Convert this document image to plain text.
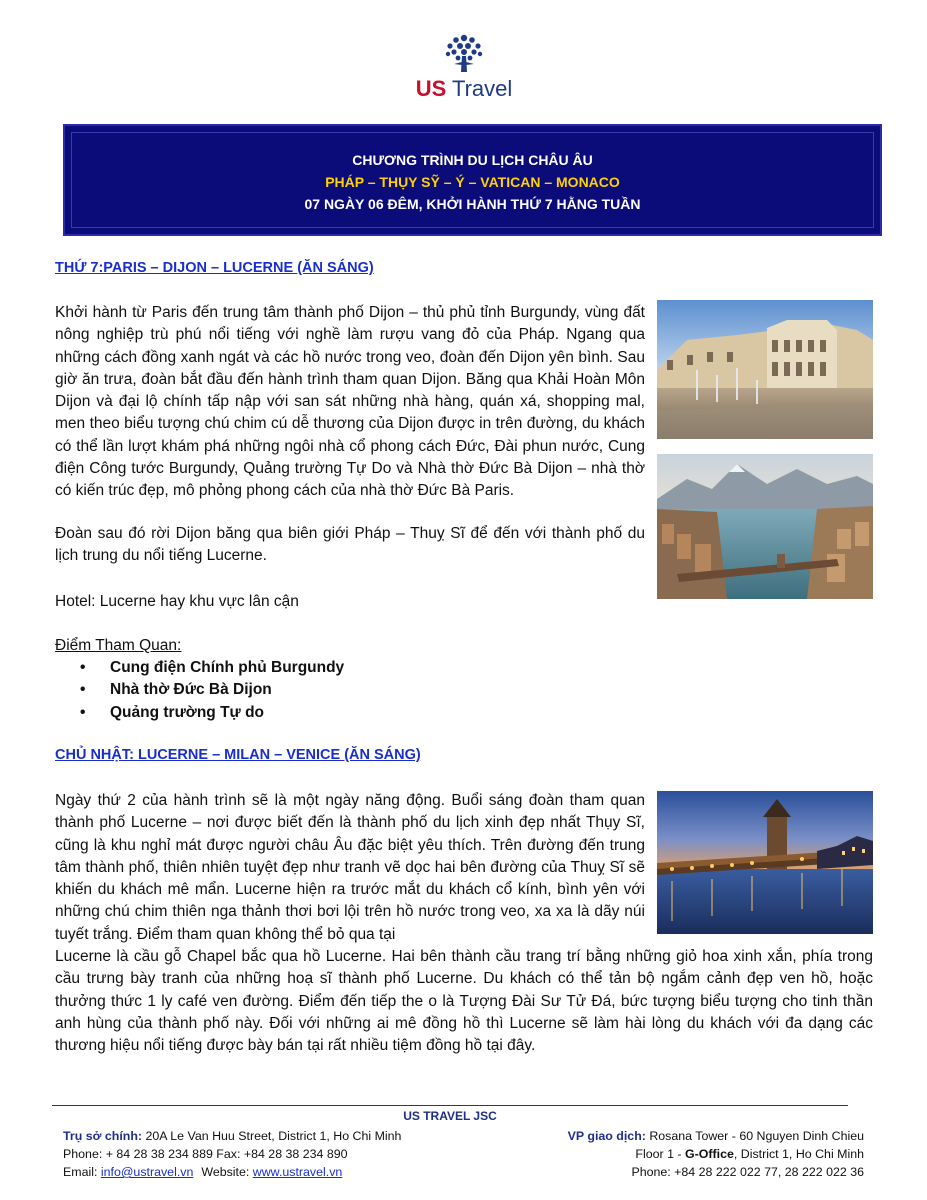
US Travel
CHƯƠNG TRÌNH DU LỊCH CHÂU ÂU
PHÁP – THỤY SỸ – Ý – VATICAN – MONACO
07 NGÀY 06 ĐÊM, KHỞI HÀNH THỨ 7 HẰNG TUẦN
THỨ 7:PARIS – DIJON – LUCERNE (ĂN SÁNG)

Khởi hành từ Paris đến trung tâm thành phố Dijon – thủ phủ tỉnh Burgundy, vùng đất nông nghiệp trù phú nổi tiếng với nghề làm rượu vang đỏ của Pháp. Ngang qua những cách đồng xanh ngát và các hồ nước trong veo, đoàn đến Dijon yên bình. Sau giờ ăn trưa, đoàn bắt đầu đến hành trình tham quan Dijon. Băng qua Khải Hoàn Môn Dijon và đại lộ chính tấp nập với san sát những nhà hàng, quán xá, shopping mal, men theo biểu tượng chú chim cú dễ thương của Dijon được in trên đường, du khách có thể lần lượt khám phá những ngôi nhà cổ phong cách Đức, Đài phun nước, Cung điện Công tước Burgundy, Quảng trường Tự Do và Nhà thờ Đức Bà Dijon – nhà thờ có kiến trúc đẹp, mô phỏng phong cách của nhà thờ Đức Bà Paris.

Đoàn sau đó rời Dijon băng qua biên giới Pháp – Thuỵ Sĩ để đến với thành phố du lịch trung du nổi tiếng Lucerne.

Hotel: Lucerne hay khu vực lân cận

Điểm Tham Quan:

• Cung điện Chính phủ Burgundy
• Nhà thờ Đức Bà Dijon
• Quảng trường Tự do
CHỦ NHẬT: LUCERNE – MILAN – VENICE (ĂN SÁNG)

Ngày thứ 2 của hành trình sẽ là một ngày năng động. Buổi sáng đoàn tham quan thành phố Lucerne – nơi được biết đến là thành phố du lịch xinh đẹp nhất Thụy Sĩ, cũng là khu nghỉ mát được người châu Âu đặc biệt yêu thích. Trên đường đến trung tâm thành phố, thiên nhiên tuyệt đẹp như tranh vẽ dọc hai bên đường của Thuỵ Sĩ sẽ khiến du khách mê mẩn. Lucerne hiện ra trước mắt du khách cổ kính, bình yên với những chú chim thiên nga thảnh thơi bơi lội trên hồ nước trong veo, xa xa là dãy núi tuyết trắng. Điểm tham quan không thể bỏ qua tại

Lucerne là cầu gỗ Chapel bắc qua hồ Lucerne. Hai bên thành cầu trang trí bằng những giỏ hoa xinh xắn, phía trong cầu trưng bày tranh của những hoạ sĩ thành phố Lucerne. Du khách có thể tản bộ ngắm cảnh đẹp ven hồ, hoặc thưởng thức 1 ly café ven đường. Điểm đến tiếp the o là Tượng Đài Sư Tử Đá, bức tượng biểu tượng cho tinh thần anh hùng của thành phố này. Đối với những ai mê đồng hồ thì Lucerne sẽ làm hài lòng du khách với đa dạng các thương hiệu nổi tiếng được bày bán tại rất nhiều tiệm đồng hồ tại đây.

US TRAVEL JSC
Trụ sở chính: 20A Le Van Huu Street, District 1, Ho Chi Minh
Phone: + 84 28 38 234 889 Fax: +84 28 38 234 890
Email: info@ustravel.vn Website: www.ustravel.vn
VP giao dịch: Rosana Tower - 60 Nguyen Dinh Chieu
Floor 1 - G-Office, District 1, Ho Chi Minh
Phone: +84 28 222 022 77, 28 222 022 36
